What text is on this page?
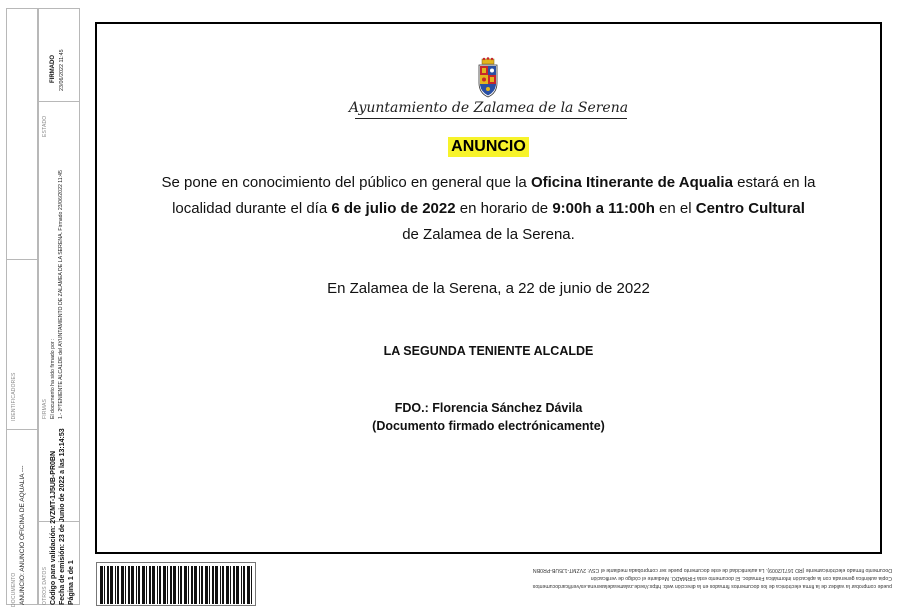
DOCUMENTO ANUNCIO: ANUNCIO OFICINA DE AQUALIA ---
IDENTIFICADORES
OTROS DATOS Código para validación: 2VZMT-1J5UB-PR0BN Fecha de emisión: 23 de Junio de 2022 a las 13:14:53 Página 1 de 1
FIRMAS El documento ha sido firmado por : 1.- 2ºTENIENTE ALCALDE del AYUNTAMIENTO DE ZALAMEA DE LA SERENA. Firmado 23/06/2022 11:45
ESTADO
FIRMADO 23/06/2022 11:45
Ayuntamiento de Zalamea de la Serena
ANUNCIO
Se pone en conocimiento del público en general que la Oficina Itinerante de Aqualia estará en la localidad durante el día 6 de julio de 2022 en horario de 9:00h a 11:00h en el Centro Cultural
de Zalamea de la Serena.
En Zalamea de la Serena, a 22 de junio de 2022
LA SEGUNDA TENIENTE ALCALDE
FDO.: Florencia Sánchez Dávila
(Documento firmado electrónicamente)
puede comprobar la validez de la firma electrónica de los documentos firmados en la dirección web: https://sede.zalameadelaserena.es/verificardocumentos
Copia auténtica generada con la aplicación informática Firmadoc. El documento está FIRMADO. Mediante el código de verificación
Documento firmado electrónicamente (RD 1671/2009). La autenticidad de este documento puede ser comprobada mediante el CSV: 2VZMT-1J5UB-PR0BN
